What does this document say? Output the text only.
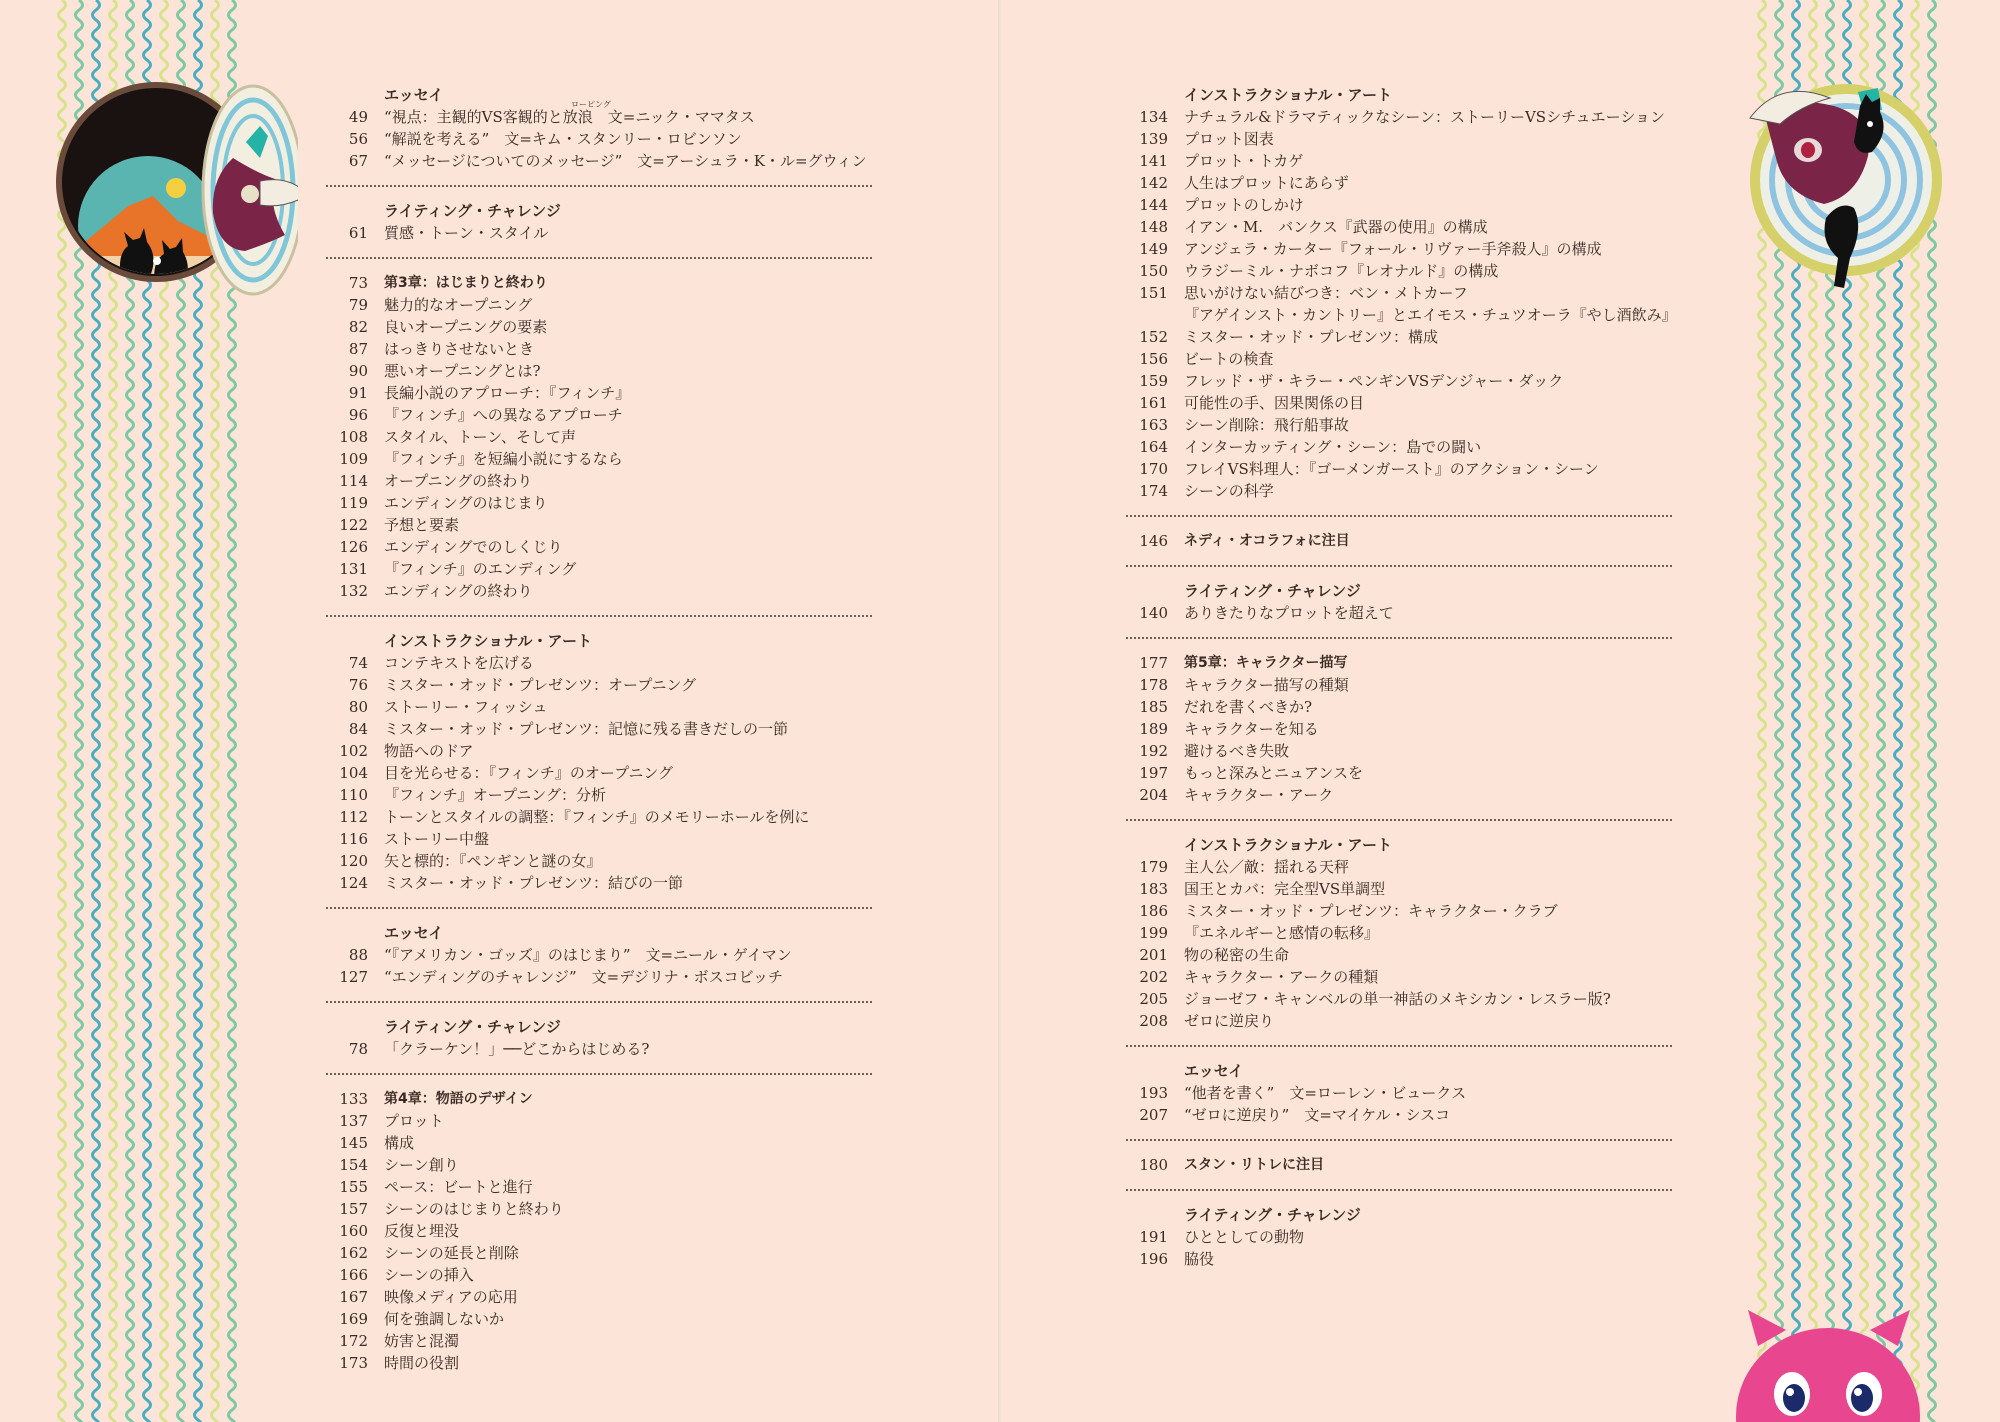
エッセイ
49 “視点：主観的VS客観的と放浪　文=ニック・ママタス
56 “解説を考える”　文=キム・スタンリー・ロビンソン
67 “メッセージについてのメッセージ”　文=アーシュラ・K・ル=グウィン
ライティング・チャレンジ
61 質感・トーン・スタイル
73 第3章：はじまりと終わり
79 魅力的なオープニング
82 良いオープニングの要素
87 はっきりさせないとき
90 悪いオープニングとは?
91 長編小説のアプローチ：『フィンチ』
96 『フィンチ』への異なるアプローチ
108 スタイル、トーン、そして声
109 『フィンチ』を短編小説にするなら
114 オープニングの終わり
119 エンディングのはじまり
122 予想と要素
126 エンディングでのしくじり
131 『フィンチ』のエンディング
132 エンディングの終わり
インストラクショナル・アート
74 コンテキストを広げる
76 ミスター・オッド・プレゼンツ：オープニング
80 ストーリー・フィッシュ
84 ミスター・オッド・プレゼンツ：記憶に残る書きだしの一節
102 物語へのドア
104 目を光らせる：『フィンチ』のオープニング
110 『フィンチ』オープニング：分析
112 トーンとスタイルの調整：『フィンチ』のメモリーホールを例に
116 ストーリー中盤
120 矢と標的：『ペンギンと謎の女』
124 ミスター・オッド・プレゼンツ：結びの一節
エッセイ
88 “『アメリカン・ゴッズ』のはじまり”　文=ニール・ゲイマン
127 “エンディングのチャレンジ”　文=デジリナ・ボスコビッチ
ライティング・チャレンジ
78 「クラーケン！」──どこからはじめる?
133 第4章：物語のデザイン
137 プロット
145 構成
154 シーン創り
155 ペース：ビートと進行
157 シーンのはじまりと終わり
160 反復と埋没
162 シーンの延長と削除
166 シーンの挿入
167 映像メディアの応用
169 何を強調しないか
172 妨害と混濁
173 時間の役割
インストラクショナル・アート
134 ナチュラル&ドラマティックなシーン：ストーリーVSシチュエーション
139 プロット図表
141 プロット・トカゲ
142 人生はプロットにあらず
144 プロットのしかけ
148 イアン・M.　バンクス『武器の使用』の構成
149 アンジェラ・カーター『フォール・リヴァー手斧殺人』の構成
150 ウラジーミル・ナボコフ『レオナルド』の構成
151 思いがけない結びつき：ベン・メトカーフ
『アゲインスト・カントリー』とエイモス・チュツオーラ『やし酒飲み』
152 ミスター・オッド・プレゼンツ：構成
156 ビートの検査
159 フレッド・ザ・キラー・ペンギンVSデンジャー・ダック
161 可能性の手、因果関係の目
163 シーン削除：飛行船事故
164 インターカッティング・シーン：島での闘い
170 フレイVS料理人：『ゴーメンガースト』のアクション・シーン
174 シーンの科学
146 ネディ・オコラフォに注目
ライティング・チャレンジ
140 ありきたりなプロットを超えて
177 第5章：キャラクター描写
178 キャラクター描写の種類
185 だれを書くべきか?
189 キャラクターを知る
192 避けるべき失敗
197 もっと深みとニュアンスを
204 キャラクター・アーク
インストラクショナル・アート
179 主人公／敵：揺れる天秤
183 国王とカバ：完全型VS単調型
186 ミスター・オッド・プレゼンツ：キャラクター・クラブ
199 『エネルギーと感情の転移』
201 物の秘密の生命
202 キャラクター・アークの種類
205 ジョーゼフ・キャンベルの単一神話のメキシカン・レスラー版?
208 ゼロに逆戻り
エッセイ
193 “他者を書く”　文=ローレン・ビュークス
207 “ゼロに逆戻り”　文=マイケル・シスコ
180 スタン・リトレに注目
ライティング・チャレンジ
191 ひととしての動物
196 脇役
ローピング
